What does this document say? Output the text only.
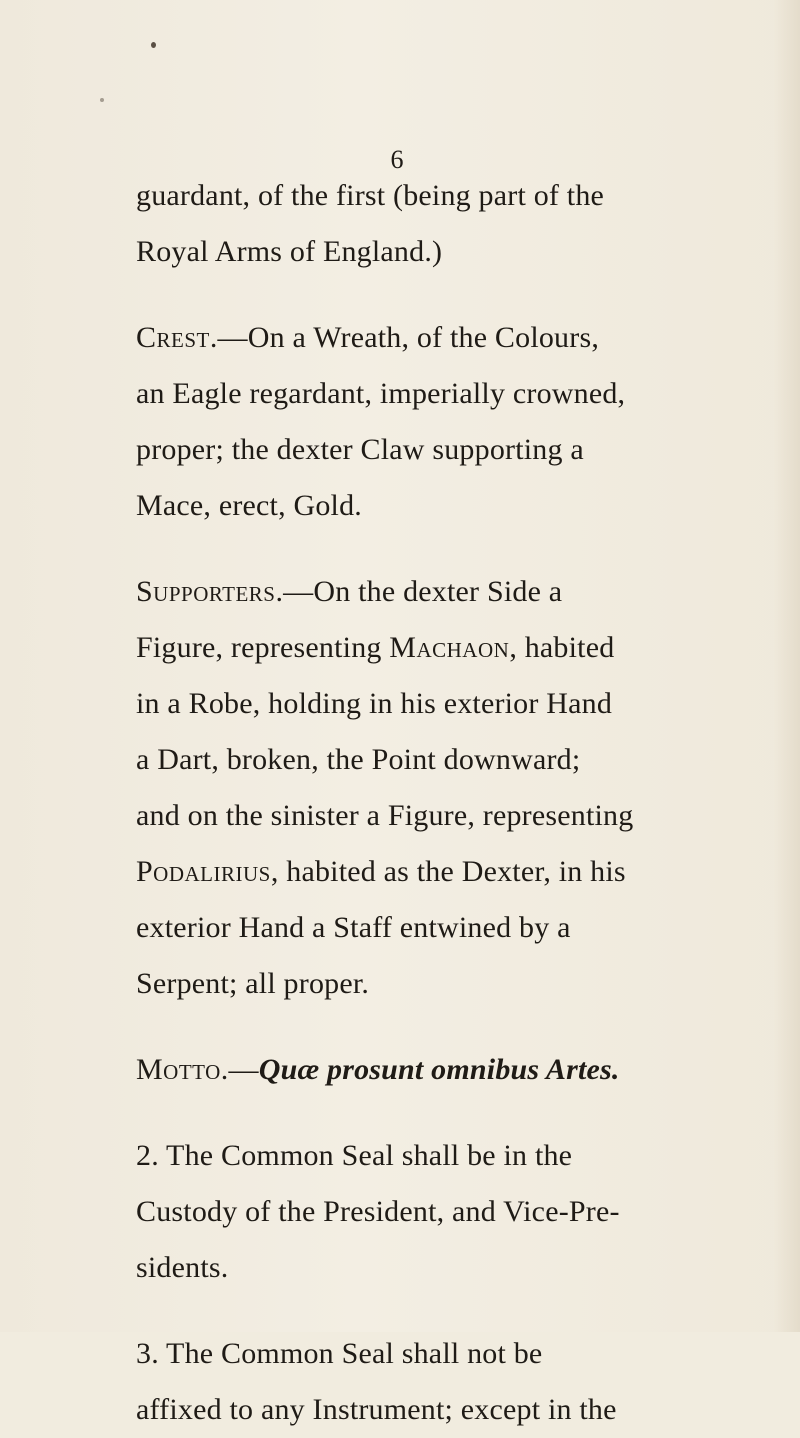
6

guardant, of the first (being part of the
Royal Arms of England.)

Crest.—On a Wreath, of the Colours,
an Eagle regardant, imperially crowned,
proper; the dexter Claw supporting a
Mace, erect, Gold.

Supporters.—On the dexter Side a
Figure, representing Machaon, habited
in a Robe, holding in his exterior Hand
a Dart, broken, the Point downward;
and on the sinister a Figure, representing
Podalirius, habited as the Dexter, in his
exterior Hand a Staff entwined by a
Serpent; all proper.

Motto.—Quæ prosunt omnibus Artes.

2. The Common Seal shall be in the
Custody of the President, and Vice-Pre-
sidents.

3. The Common Seal shall not be
affixed to any Instrument; except in the
